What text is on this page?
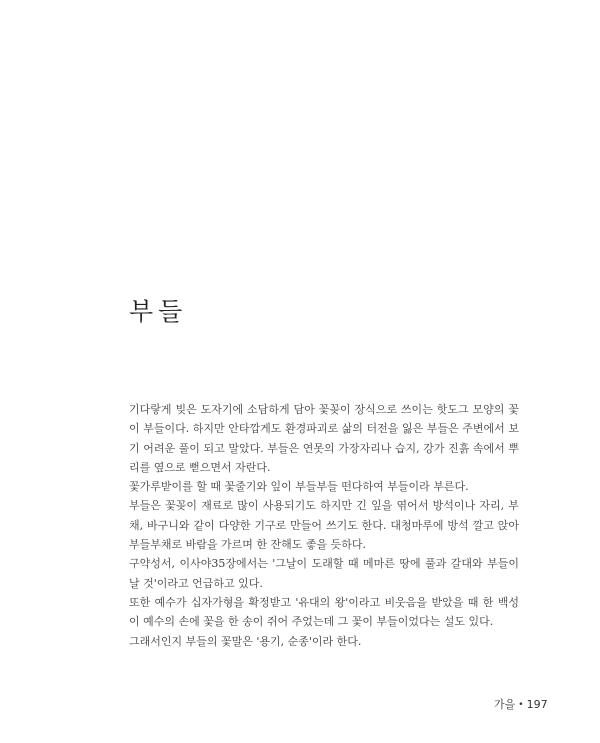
부들

기다랗게 빚은 도자기에 소담하게 담아 꽃꽂이 장식으로 쓰이는 핫도그 모양의 꽃이 부들이다. 하지만 안타깝게도 환경파괴로 삶의 터전을 잃은 부들은 주변에서 보기 어려운 풀이 되고 말았다. 부들은 연못의 가장자리나 습지, 강가 진흙 속에서 뿌리를 옆으로 뻗으면서 자란다.

꽃가루받이를 할 때 꽃줄기와 잎이 부들부들 떤다하여 부들이라 부른다.

부들은 꽃꽂이 재료로 많이 사용되기도 하지만 긴 잎을 엮어서 방석이나 자리, 부채, 바구니와 같이 다양한 기구로 만들어 쓰기도 한다. 대청마루에 방석 깔고 앉아 부들부채로 바람을 가르며 한 잔해도 좋을 듯하다.

구약성서, 이사야35장에서는 '그날이 도래할 때 메마른 땅에 풀과 갈대와 부들이 날 것'이라고 언급하고 있다.

또한 예수가 십자가형을 확정받고 '유대의 왕'이라고 비웃음을 받았을 때 한 백성이 예수의 손에 꽃을 한 송이 쥐어 주었는데 그 꽃이 부들이었다는 설도 있다.

그래서인지 부들의 꽃말은 '용기, 순종'이라 한다.

가을 • 197
